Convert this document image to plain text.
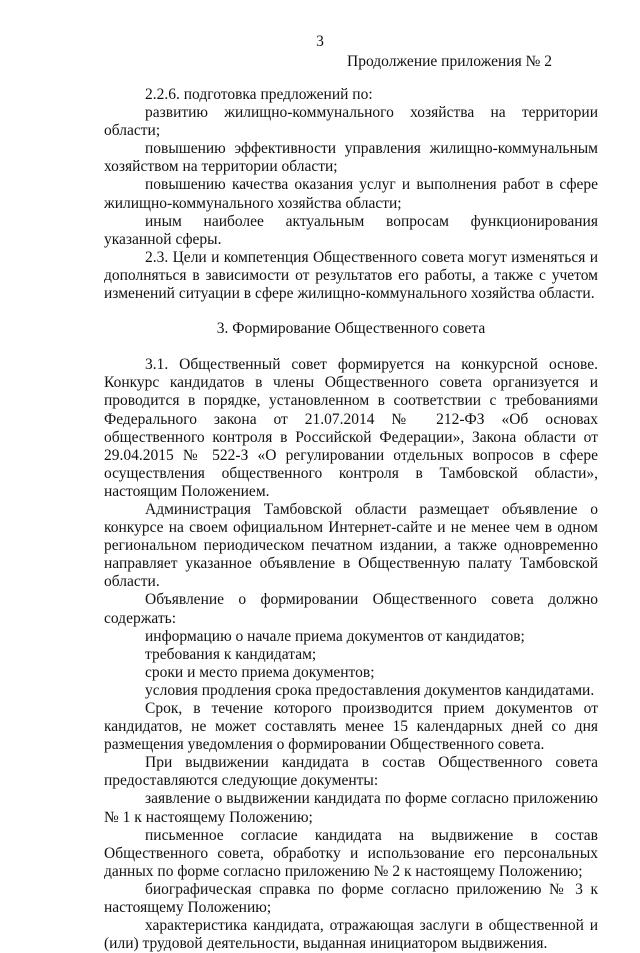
3
Продолжение приложения № 2

2.2.6. подготовка предложений по:

развитию жилищно-коммунального хозяйства на территории области;

повышению эффективности управления жилищно-коммунальным хозяйством на территории области;

повышению качества оказания услуг и выполнения работ в сфере жилищно-коммунального хозяйства области;

иным наиболее актуальным вопросам функционирования указанной сферы.

2.3. Цели и компетенция Общественного совета могут изменяться и дополняться в зависимости от результатов его работы, а также с учетом изменений ситуации в сфере жилищно-коммунального хозяйства области.

3. Формирование Общественного совета

3.1. Общественный совет формируется на конкурсной основе. Конкурс кандидатов в члены Общественного совета организуется и проводится в порядке, установленном в соответствии с требованиями Федерального закона от 21.07.2014 № 212-ФЗ «Об основах общественного контроля в Российской Федерации», Закона области от 29.04.2015 № 522-З «О регулировании отдельных вопросов в сфере осуществления общественного контроля в Тамбовской области», настоящим Положением.

Администрация Тамбовской области размещает объявление о конкурсе на своем официальном Интернет-сайте и не менее чем в одном региональном периодическом печатном издании, а также одновременно направляет указанное объявление в Общественную палату Тамбовской области.

Объявление о формировании Общественного совета должно содержать:

информацию о начале приема документов от кандидатов;

требования к кандидатам;

сроки и место приема документов;

условия продления срока предоставления документов кандидатами.

Срок, в течение которого производится прием документов от кандидатов, не может составлять менее 15 календарных дней со дня размещения уведомления о формировании Общественного совета.

При выдвижении кандидата в состав Общественного совета предоставляются следующие документы:

заявление о выдвижении кандидата по форме согласно приложению № 1 к настоящему Положению;

письменное согласие кандидата на выдвижение в состав Общественного совета, обработку и использование его персональных данных по форме согласно приложению № 2 к настоящему Положению;

биографическая справка по форме согласно приложению № 3 к настоящему Положению;

характеристика кандидата, отражающая заслуги в общественной и (или) трудовой деятельности, выданная инициатором выдвижения.
